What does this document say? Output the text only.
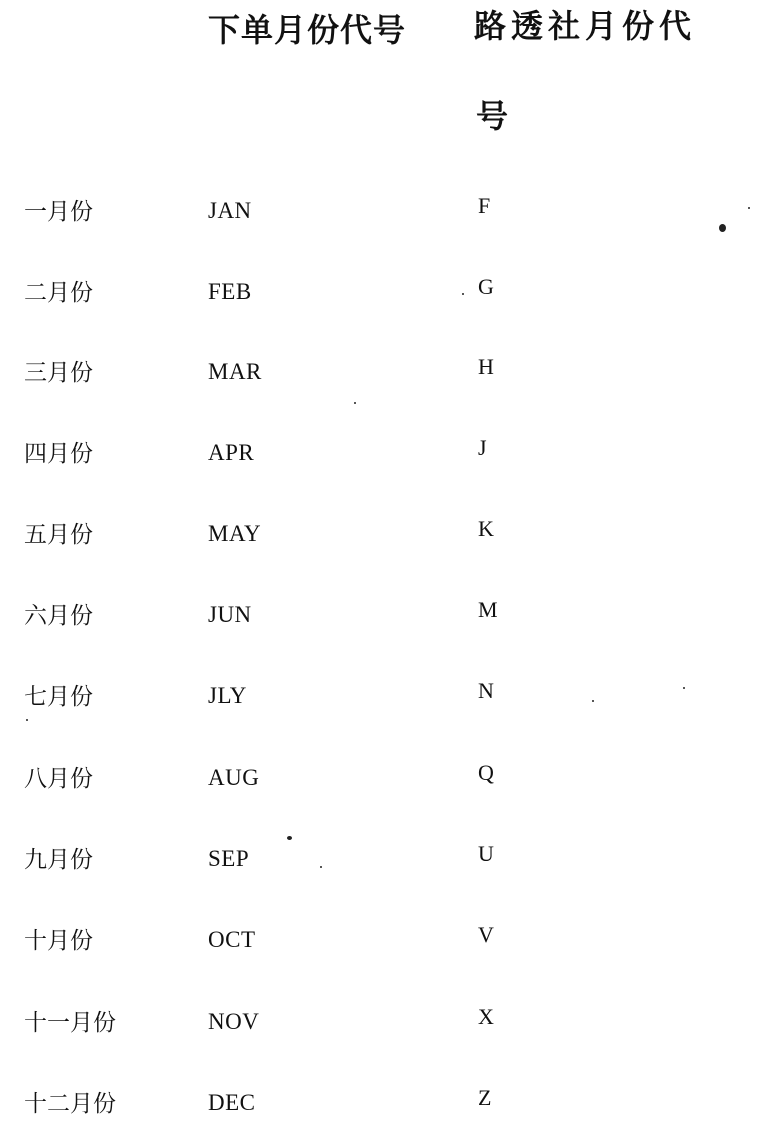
下单月份代号 路透社月份代
号
一月份	JAN	F
二月份	FEB	G
三月份	MAR	H
四月份	APR	J
五月份	MAY	K
六月份	JUN	M
七月份	JLY	N
八月份	AUG	Q
九月份	SEP	U
十月份	OCT	V
十一月份	NOV	X
十二月份	DEC	Z
